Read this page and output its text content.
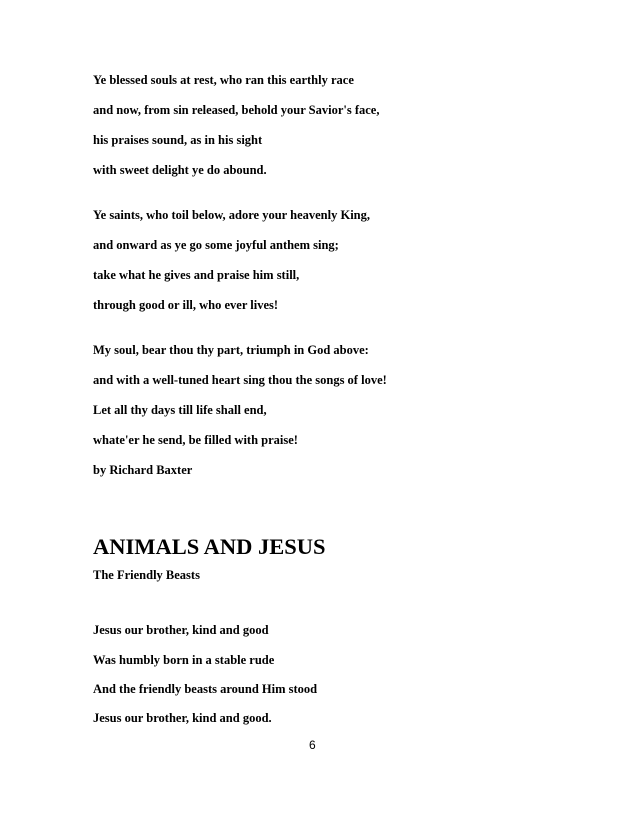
Ye blessed souls at rest, who ran this earthly race

and now, from sin released, behold your Savior's face,

his praises sound, as in his sight

with sweet delight ye do abound.

Ye saints, who toil below, adore your heavenly King,

and onward as ye go some joyful anthem sing;

take what he gives and praise him still,

through good or ill, who ever lives!

My soul, bear thou thy part, triumph in God above:

and with a well-tuned heart sing thou the songs of love!

Let all thy days till life shall end,

whate'er he send, be filled with praise!

by Richard Baxter

ANIMALS AND JESUS

The Friendly Beasts

Jesus our brother, kind and good

Was humbly born in a stable rude

And the friendly beasts around Him stood

Jesus our brother, kind and good.

6
